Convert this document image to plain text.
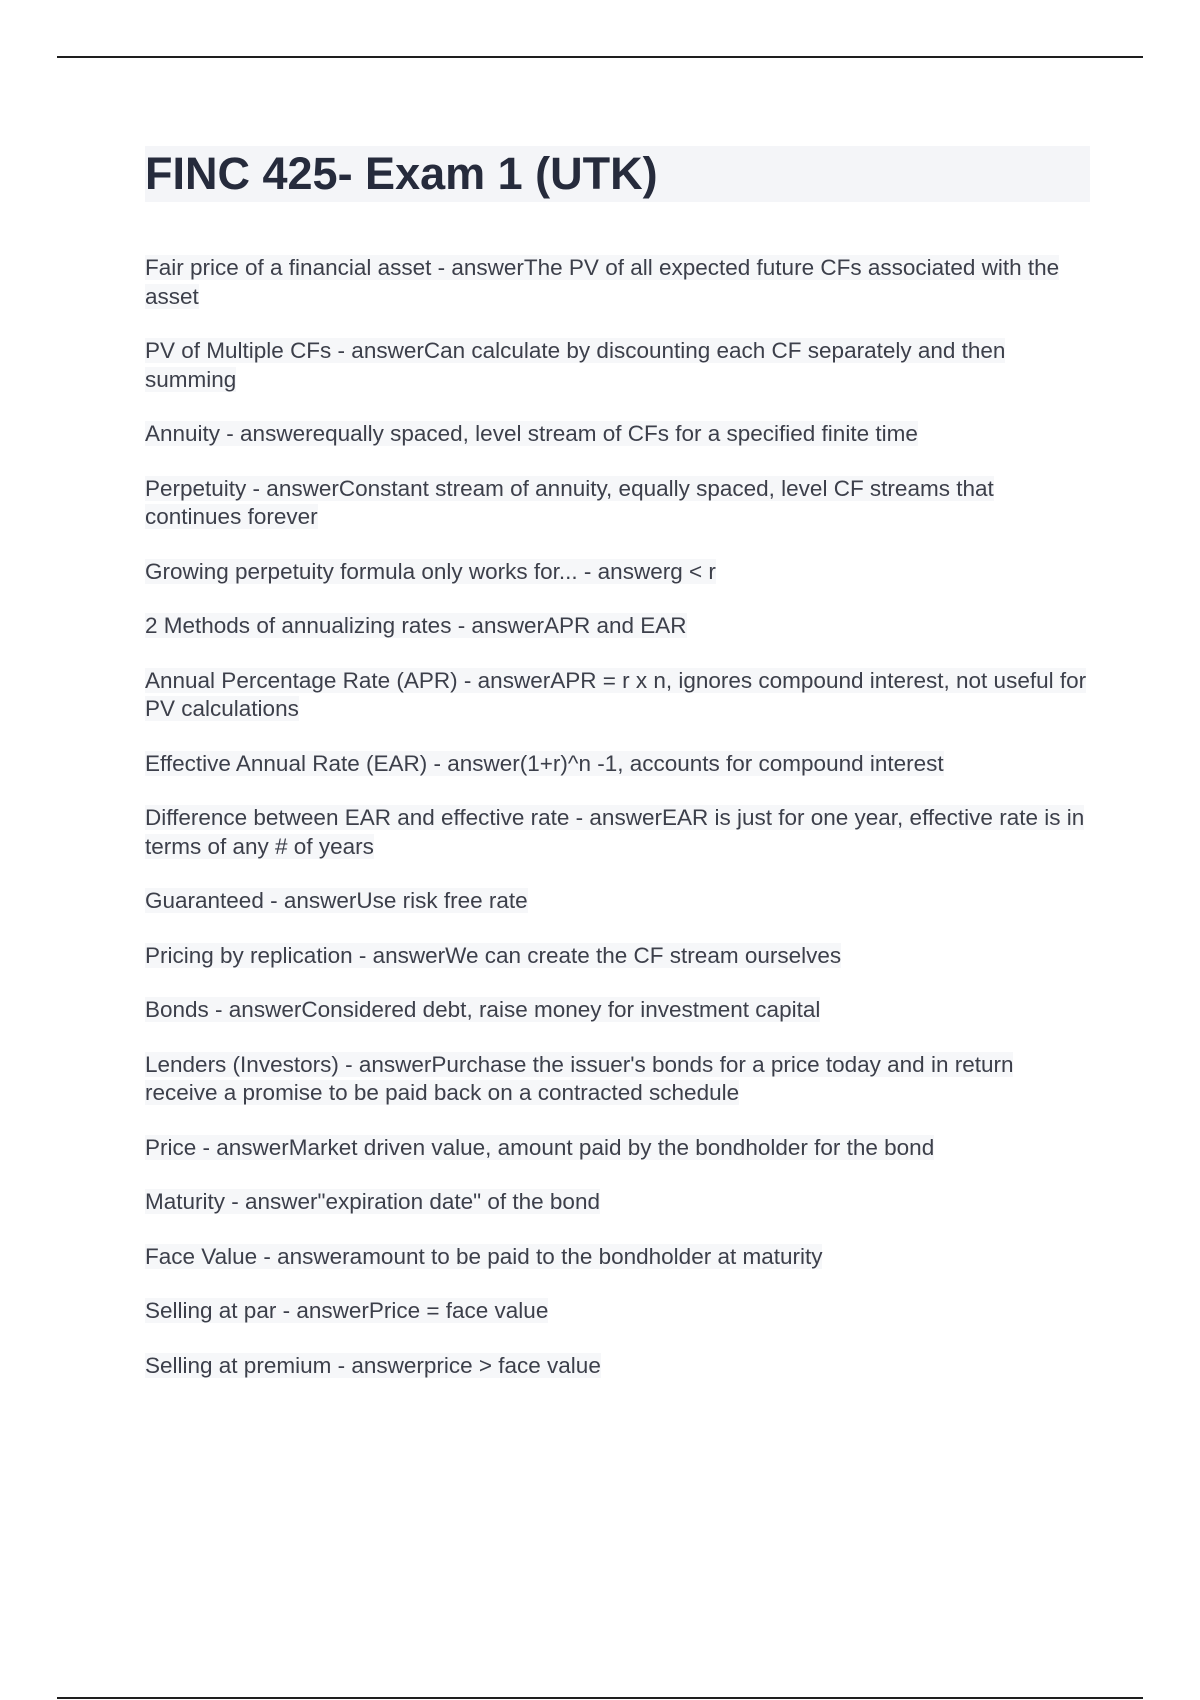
FINC 425- Exam 1 (UTK)

Fair price of a financial asset - answerThe PV of all expected future CFs associated with the asset

PV of Multiple CFs - answerCan calculate by discounting each CF separately and then summing

Annuity - answerequally spaced, level stream of CFs for a specified finite time

Perpetuity - answerConstant stream of annuity, equally spaced, level CF streams that continues forever

Growing perpetuity formula only works for... - answerg < r

2 Methods of annualizing rates - answerAPR and EAR

Annual Percentage Rate (APR) - answerAPR = r x n, ignores compound interest, not useful for PV calculations

Effective Annual Rate (EAR) - answer(1+r)^n -1, accounts for compound interest

Difference between EAR and effective rate - answerEAR is just for one year, effective rate is in terms of any # of years

Guaranteed - answerUse risk free rate

Pricing by replication - answerWe can create the CF stream ourselves

Bonds - answerConsidered debt, raise money for investment capital

Lenders (Investors) - answerPurchase the issuer's bonds for a price today and in return receive a promise to be paid back on a contracted schedule

Price - answerMarket driven value, amount paid by the bondholder for the bond

Maturity - answer"expiration date" of the bond

Face Value - answeramount to be paid to the bondholder at maturity

Selling at par - answerPrice = face value

Selling at premium - answerprice > face value
